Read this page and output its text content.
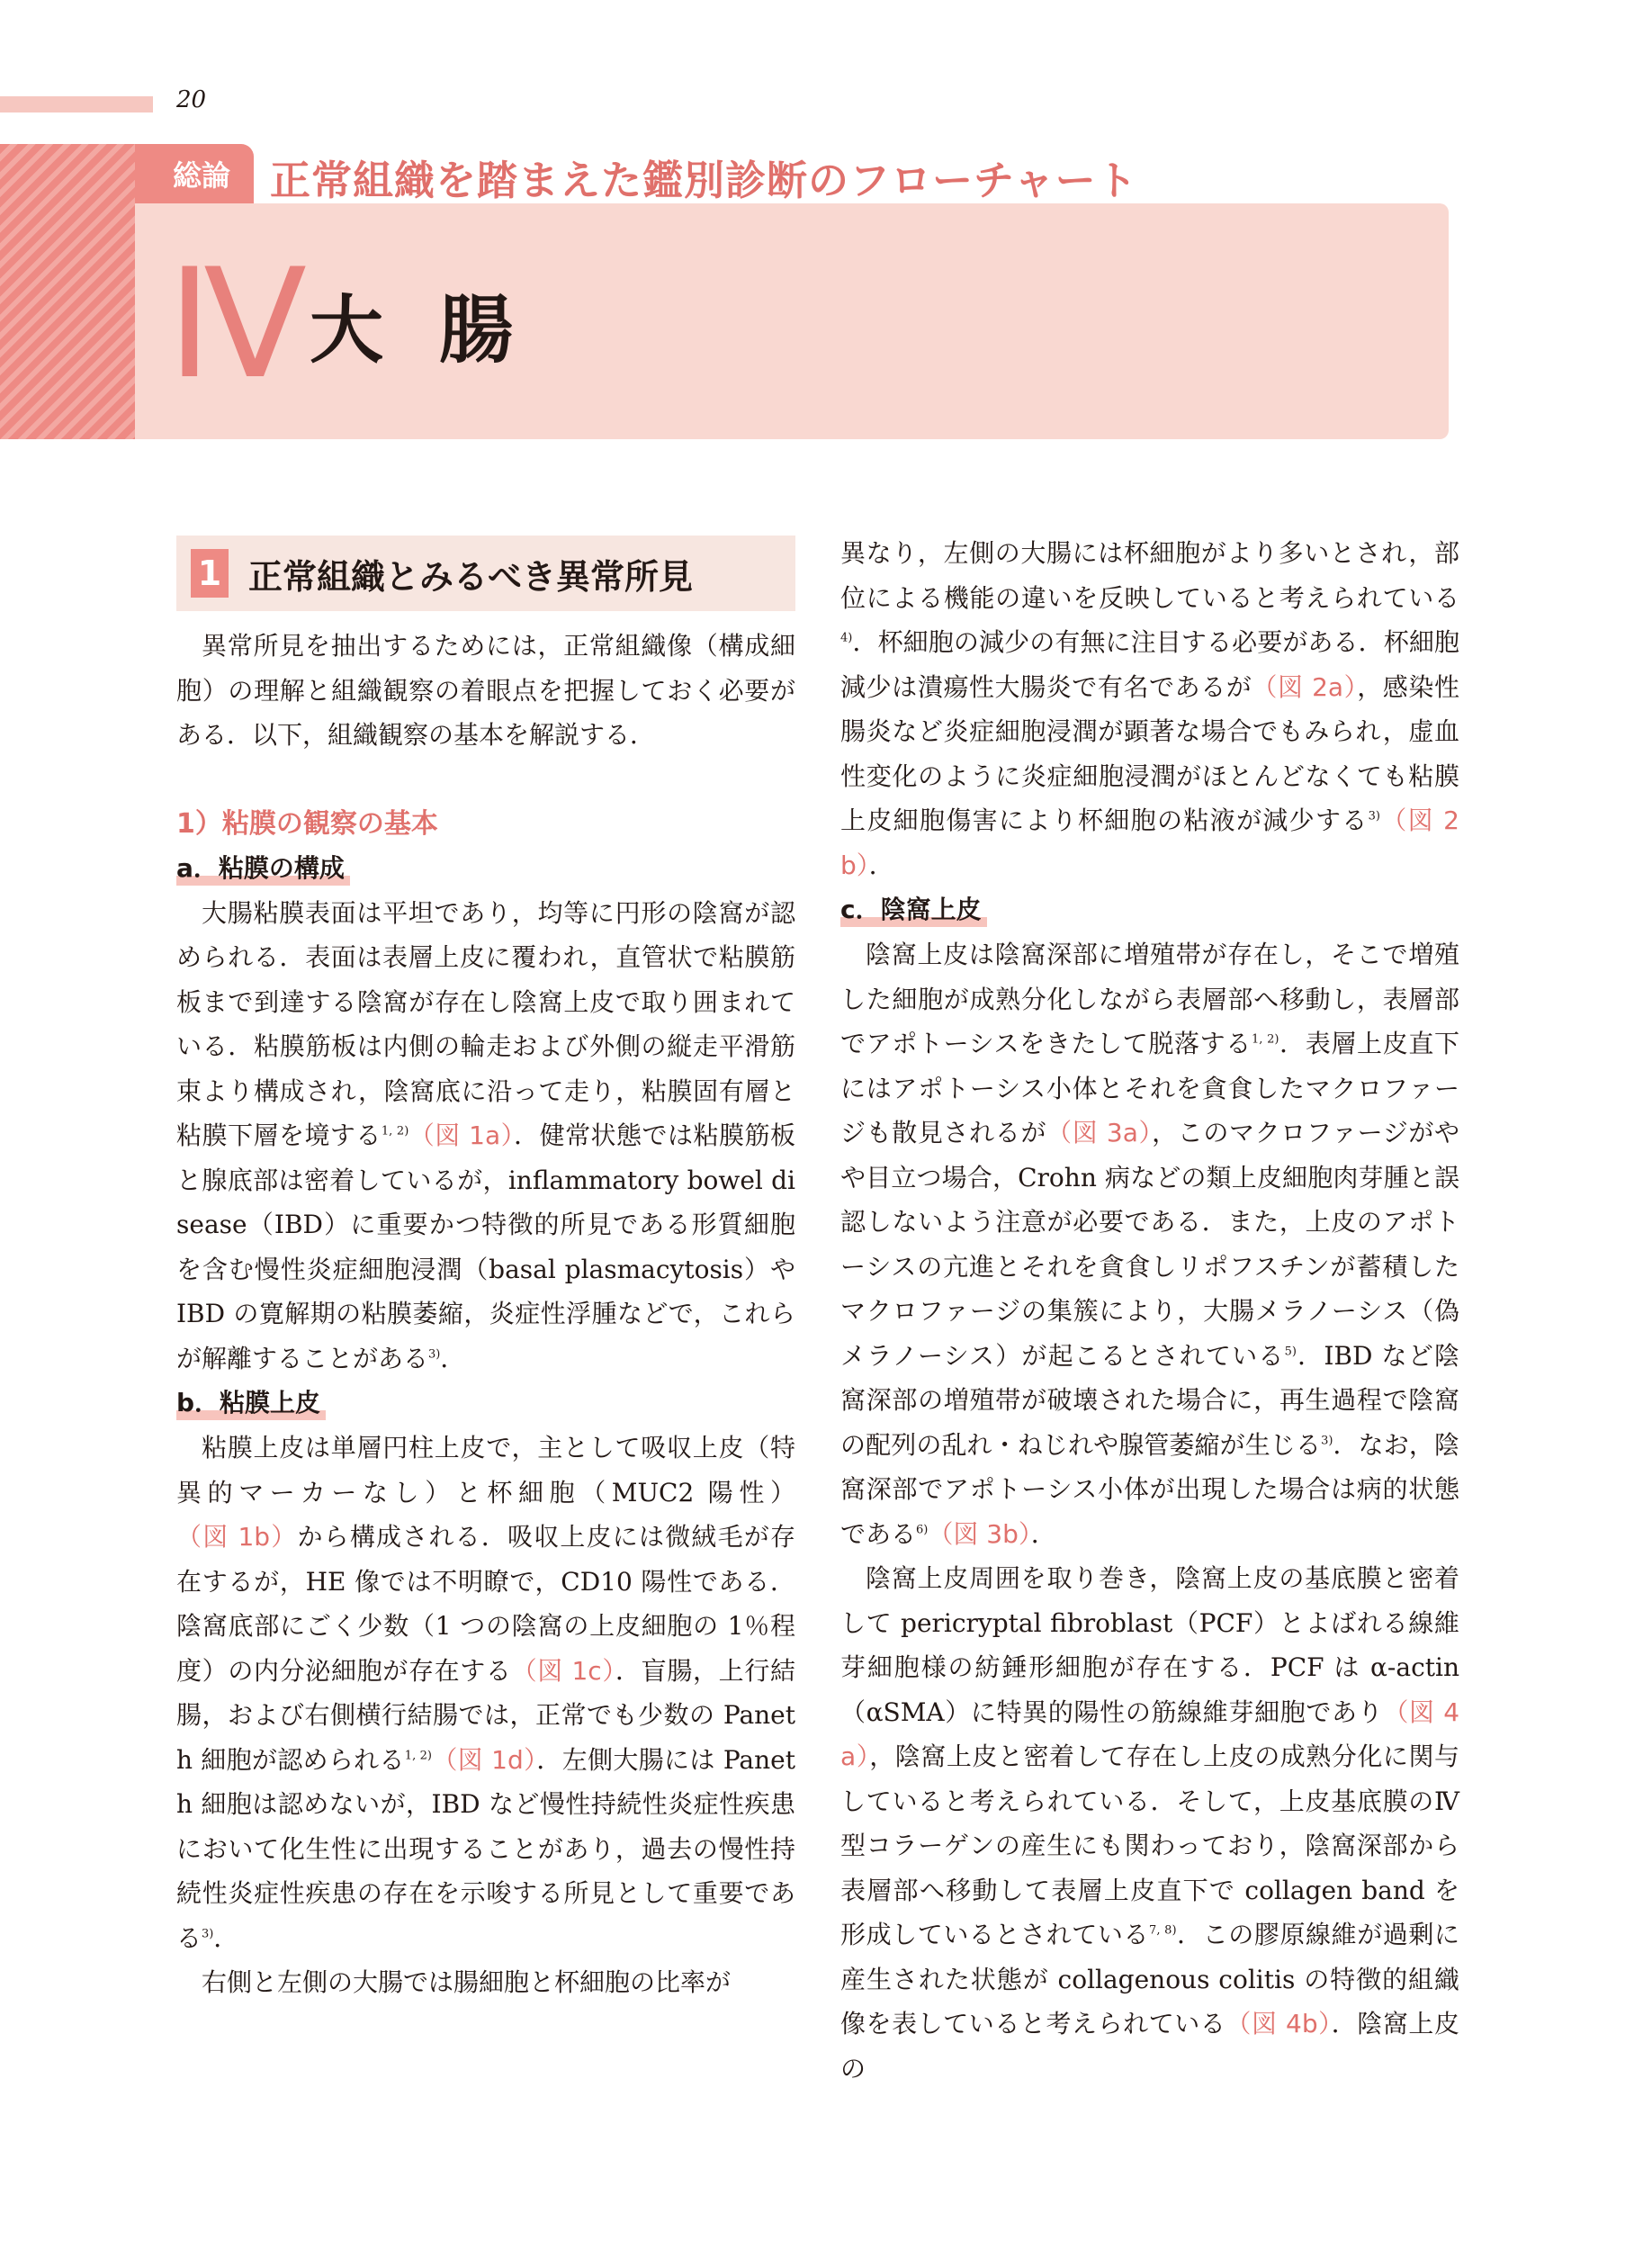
20
総論 正常組織を踏まえた鑑別診断のフローチャート
Ⅳ 大腸
1 正常組織とみるべき異常所見

異常所見を抽出するためには，正常組織像（構成細胞）の理解と組織観察の着眼点を把握しておく必要がある．以下，組織観察の基本を解説する．

1）粘膜の観察の基本
a．粘膜の構成

大腸粘膜表面は平坦であり，均等に円形の陰窩が認められる．表面は表層上皮に覆われ，直管状で粘膜筋板まで到達する陰窩が存在し陰窩上皮で取り囲まれている．粘膜筋板は内側の輪走および外側の縦走平滑筋束より構成され，陰窩底に沿って走り，粘膜固有層と粘膜下層を境する$^{1, 2)}$（図 1a）．健常状態では粘膜筋板と腺底部は密着しているが，inflammatory bowel disease（IBD）に重要かつ特徴的所見である形質細胞を含む慢性炎症細胞浸潤（basal plasmacytosis）や IBD の寛解期の粘膜萎縮，炎症性浮腫などで，これらが解離することがある$^{3)}$．

b．粘膜上皮

粘膜上皮は単層円柱上皮で，主として吸収上皮（特異的マーカーなし）と杯細胞（MUC2 陽性）（図 1b）から構成される．吸収上皮には微絨毛が存在するが，HE 像では不明瞭で，CD10 陽性である．陰窩底部にごく少数（1 つの陰窩の上皮細胞の 1％程度）の内分泌細胞が存在する（図 1c）．盲腸，上行結腸，および右側横行結腸では，正常でも少数の Paneth 細胞が認められる$^{1, 2)}$（図 1d）．左側大腸には Paneth 細胞は認めないが，IBD など慢性持続性炎症性疾患において化生性に出現することがあり，過去の慢性持続性炎症性疾患の存在を示唆する所見として重要である$^{3)}$．

右側と左側の大腸では腸細胞と杯細胞の比率が

異なり，左側の大腸には杯細胞がより多いとされ，部位による機能の違いを反映していると考えられている$^{4)}$．杯細胞の減少の有無に注目する必要がある．杯細胞減少は潰瘍性大腸炎で有名であるが（図 2a），感染性腸炎など炎症細胞浸潤が顕著な場合でもみられ，虚血性変化のように炎症細胞浸潤がほとんどなくても粘膜上皮細胞傷害により杯細胞の粘液が減少する$^{3)}$（図 2b）．

c．陰窩上皮

陰窩上皮は陰窩深部に増殖帯が存在し，そこで増殖した細胞が成熟分化しながら表層部へ移動し，表層部でアポトーシスをきたして脱落する$^{1, 2)}$．表層上皮直下にはアポトーシス小体とそれを貪食したマクロファージも散見されるが（図 3a），このマクロファージがやや目立つ場合，Crohn 病などの類上皮細胞肉芽腫と誤認しないよう注意が必要である．また，上皮のアポトーシスの亢進とそれを貪食しリポフスチンが蓄積したマクロファージの集簇により，大腸メラノーシス（偽メラノーシス）が起こるとされている$^{5)}$．IBD など陰窩深部の増殖帯が破壊された場合に，再生過程で陰窩の配列の乱れ・ねじれや腺管萎縮が生じる$^{3)}$．なお，陰窩深部でアポトーシス小体が出現した場合は病的状態である$^{6)}$（図 3b）．

陰窩上皮周囲を取り巻き，陰窩上皮の基底膜と密着して pericryptal fibroblast（PCF）とよばれる線維芽細胞様の紡錘形細胞が存在する．PCF は α-actin（αSMA）に特異的陽性の筋線維芽細胞であり（図 4a），陰窩上皮と密着して存在し上皮の成熟分化に関与していると考えられている．そして，上皮基底膜のⅣ型コラーゲンの産生にも関わっており，陰窩深部から表層部へ移動して表層上皮直下で collagen band を形成しているとされている$^{7, 8)}$．この膠原線維が過剰に産生された状態が collagenous colitis の特徴的組織像を表していると考えられている（図 4b）．陰窩上皮の
